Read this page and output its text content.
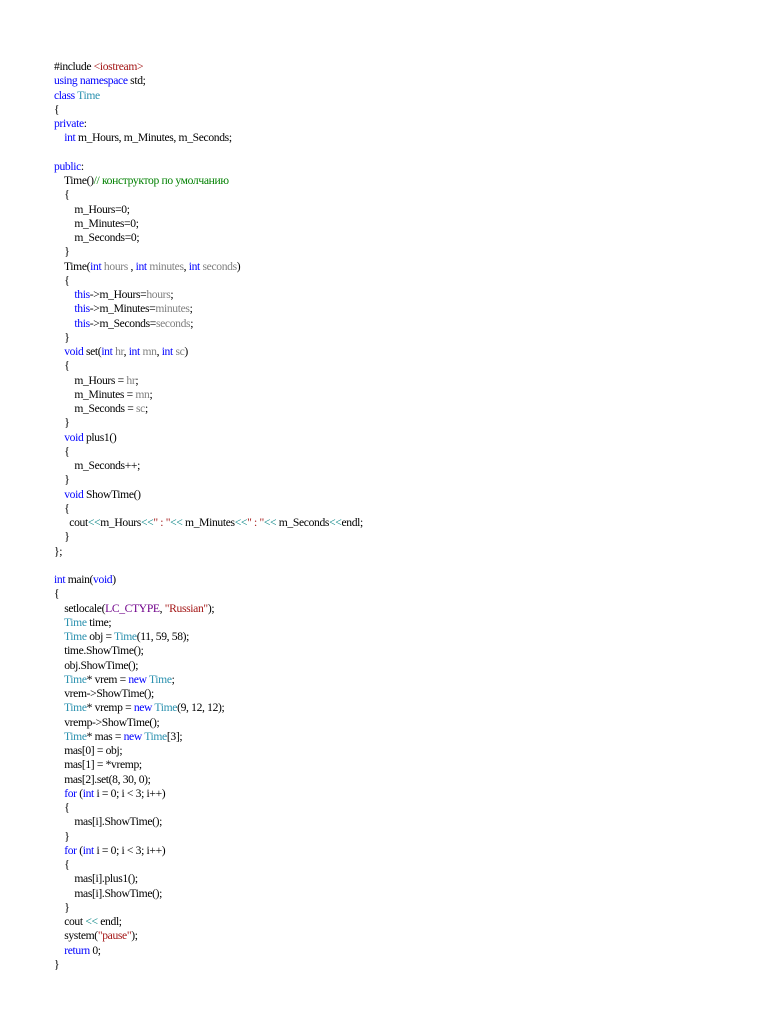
#include <iostream>
using namespace std;
class Time
{
private:
int m_Hours, m_Minutes, m_Seconds;
public:
Time()// конструктор по умолчанию
{
m_Hours=0;
m_Minutes=0;
m_Seconds=0;
}
Time(int hours , int minutes, int seconds)
{
this->m_Hours=hours;
this->m_Minutes=minutes;
this->m_Seconds=seconds;
}
void set(int hr, int mn, int sc)
{
m_Hours = hr;
m_Minutes = mn;
m_Seconds = sc;
}
void plus1()
{
m_Seconds++;
}
void ShowTime()
{
cout<<m_Hours<<" : "<< m_Minutes<<" : "<< m_Seconds<<endl;
}
};
int main(void)
{
setlocale(LC_CTYPE, "Russian");
Time time;
Time obj = Time(11, 59, 58);
time.ShowTime();
obj.ShowTime();
Time* vrem = new Time;
vrem->ShowTime();
Time* vremp = new Time(9, 12, 12);
vremp->ShowTime();
Time* mas = new Time[3];
mas[0] = obj;
mas[1] = *vremp;
mas[2].set(8, 30, 0);
for (int i = 0; i < 3; i++)
{
mas[i].ShowTime();
}
for (int i = 0; i < 3; i++)
{
mas[i].plus1();
mas[i].ShowTime();
}
cout << endl;
system("pause");
return 0;
}
